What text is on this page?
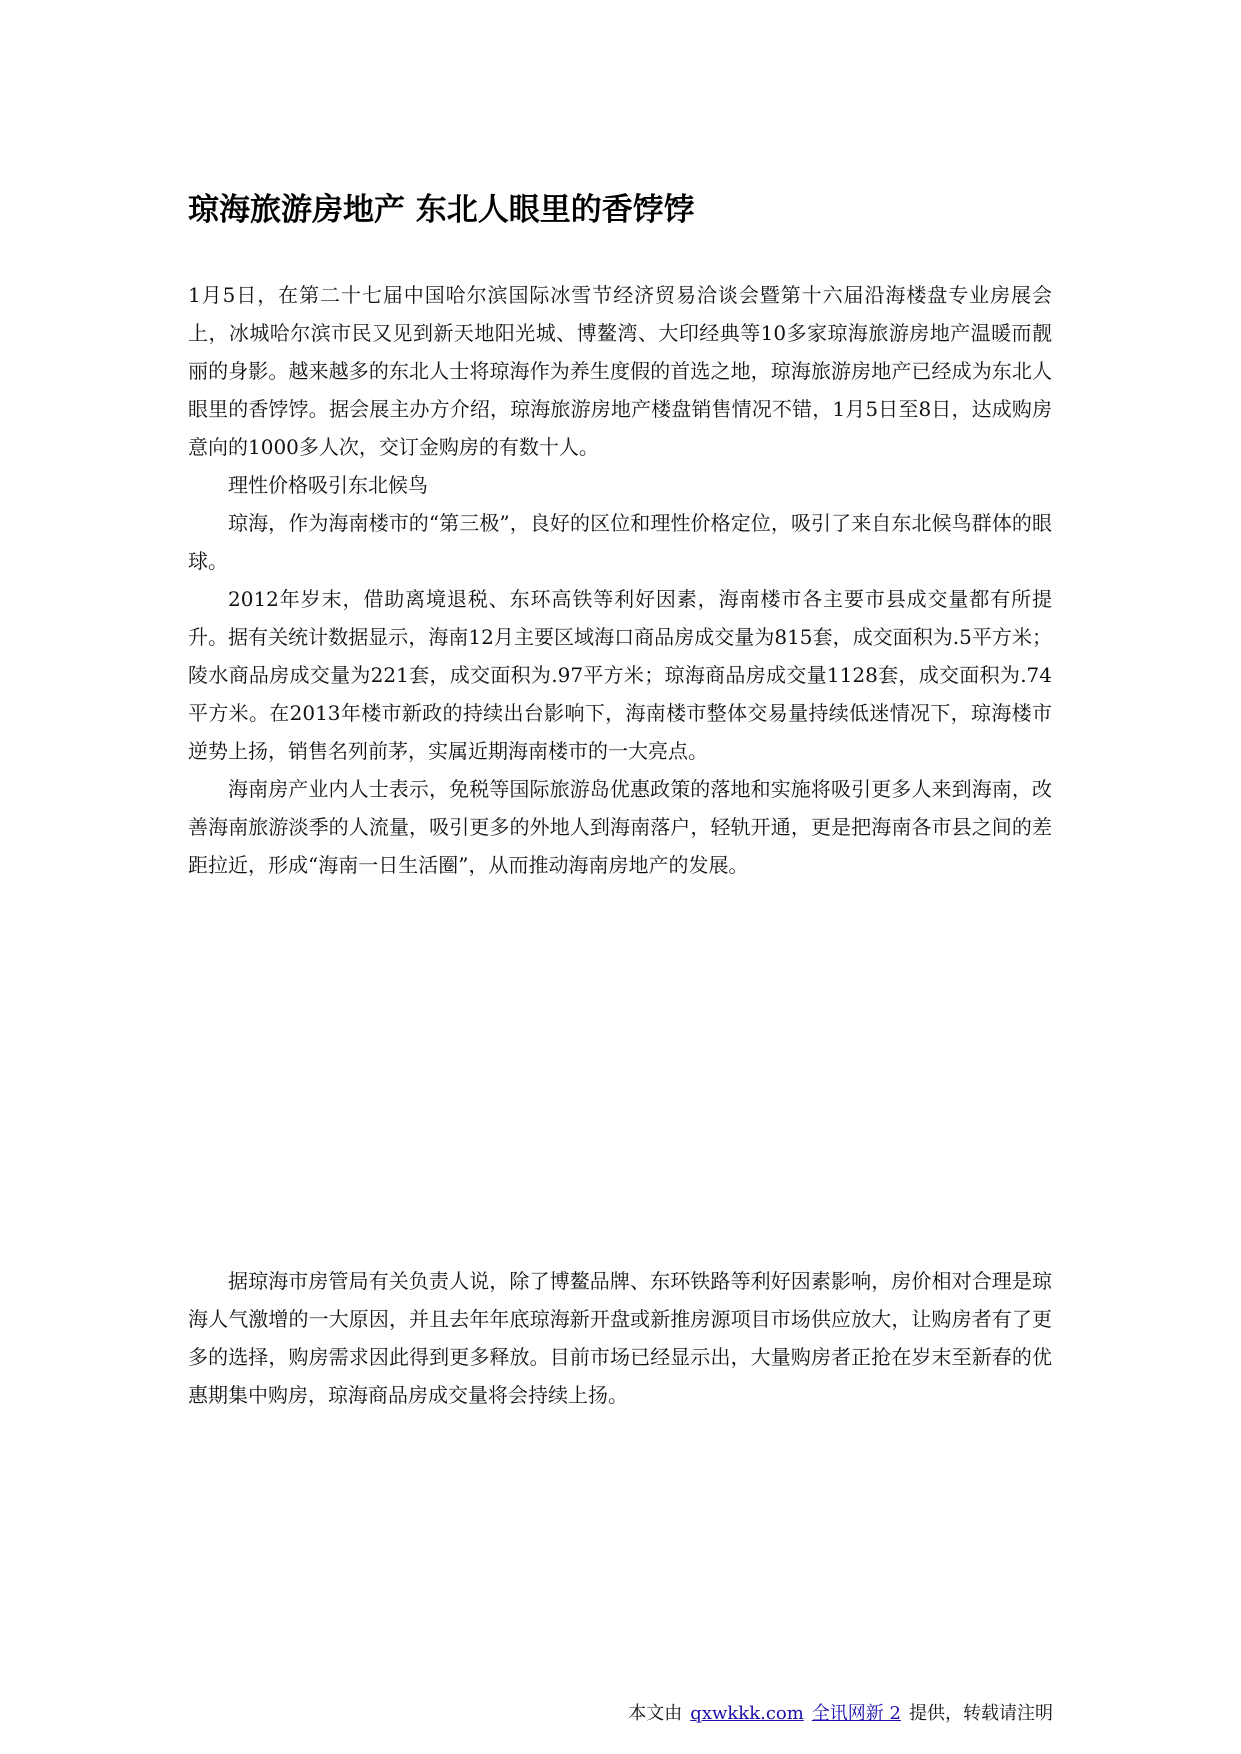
琼海旅游房地产 东北人眼里的香饽饽

1月5日，在第二十七届中国哈尔滨国际冰雪节经济贸易洽谈会暨第十六届沿海楼盘专业房展会上，冰城哈尔滨市民又见到新天地阳光城、博鳌湾、大印经典等10多家琼海旅游房地产温暖而靓丽的身影。越来越多的东北人士将琼海作为养生度假的首选之地，琼海旅游房地产已经成为东北人眼里的香饽饽。据会展主办方介绍，琼海旅游房地产楼盘销售情况不错，1月5日至8日，达成购房意向的1000多人次，交订金购房的有数十人。

理性价格吸引东北候鸟

琼海，作为海南楼市的“第三极”，良好的区位和理性价格定位，吸引了来自东北候鸟群体的眼球。

2012年岁末，借助离境退税、东环高铁等利好因素，海南楼市各主要市县成交量都有所提升。据有关统计数据显示，海南12月主要区域海口商品房成交量为815套，成交面积为.5平方米；陵水商品房成交量为221套，成交面积为.97平方米；琼海商品房成交量1128套，成交面积为.74平方米。在2013年楼市新政的持续出台影响下，海南楼市整体交易量持续低迷情况下，琼海楼市逆势上扬，销售名列前茅，实属近期海南楼市的一大亮点。

海南房产业内人士表示，免税等国际旅游岛优惠政策的落地和实施将吸引更多人来到海南，改善海南旅游淡季的人流量，吸引更多的外地人到海南落户，轻轨开通，更是把海南各市县之间的差距拉近，形成“海南一日生活圈”，从而推动海南房地产的发展。

据琼海市房管局有关负责人说，除了博鳌品牌、东环铁路等利好因素影响，房价相对合理是琼海人气激增的一大原因，并且去年年底琼海新开盘或新推房源项目市场供应放大，让购房者有了更多的选择，购房需求因此得到更多释放。目前市场已经显示出，大量购房者正抢在岁末至新春的优惠期集中购房，琼海商品房成交量将会持续上扬。

本文由 qxwkkk.com 全讯网新 2 提供，转载请注明
